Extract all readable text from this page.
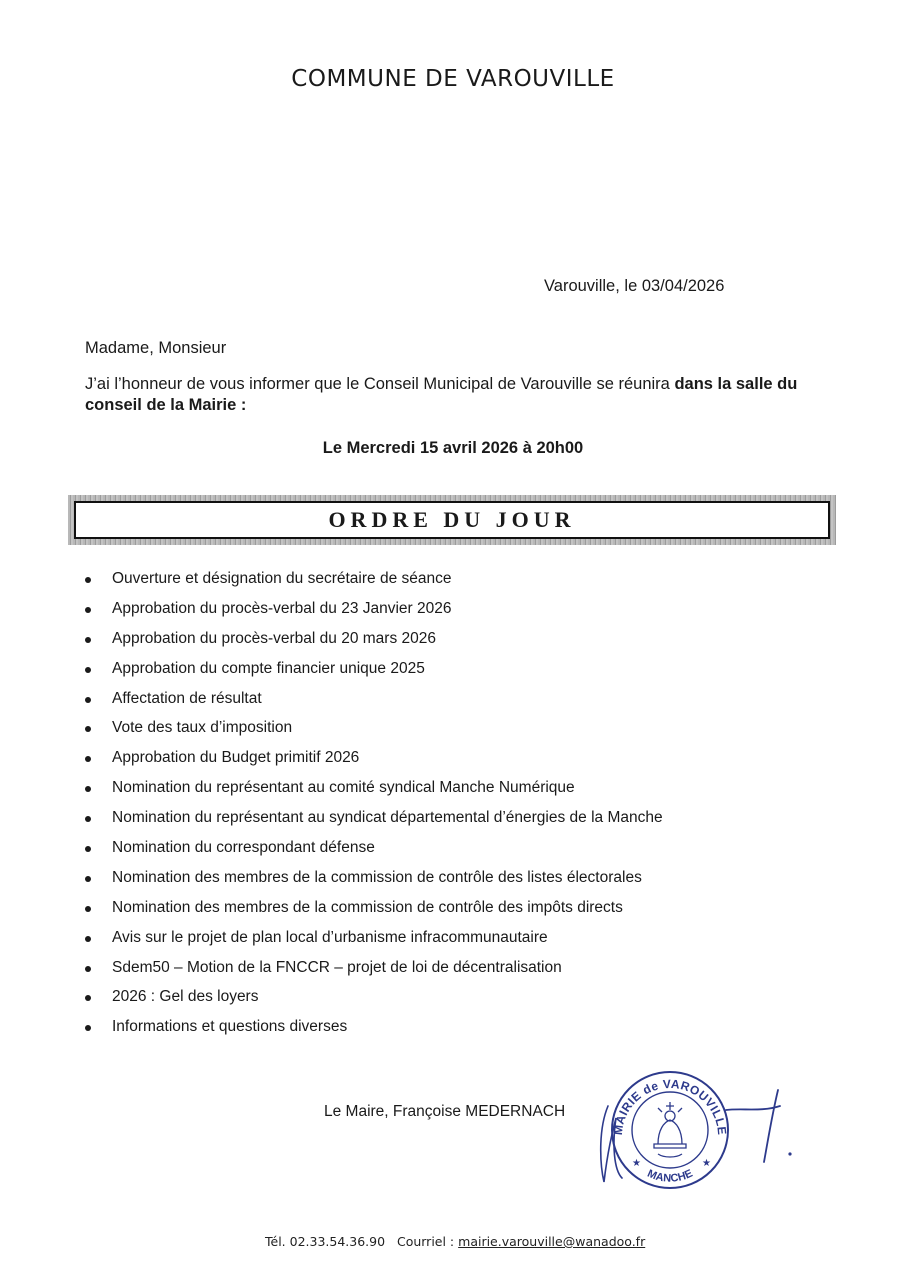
COMMUNE DE VAROUVILLE
Varouville, le 03/04/2026
Madame, Monsieur
J’ai l’honneur de vous informer que le Conseil Municipal de Varouville se réunira dans la salle du conseil de la Mairie :
Le Mercredi 15 avril 2026 à 20h00
ORDRE DU JOUR
Ouverture et désignation du secrétaire de séance
Approbation du procès-verbal du 23 Janvier 2026
Approbation du procès-verbal du 20 mars 2026
Approbation du compte financier unique 2025
Affectation de résultat
Vote des taux d’imposition
Approbation du Budget primitif 2026
Nomination du représentant au comité syndical Manche Numérique
Nomination du représentant au syndicat départemental d’énergies de la Manche
Nomination du correspondant défense
Nomination des membres de la commission de contrôle des listes électorales
Nomination des membres de la commission de contrôle des impôts directs
Avis sur le projet de plan local d’urbanisme infracommunautaire
Sdem50 – Motion de la FNCCR – projet de loi de décentralisation
2026 : Gel des loyers
Informations et questions diverses
Le Maire, Françoise MEDERNACH
MAIRIE de VAROUVILLE
MANCHE
★	★
Tél. 02.33.54.36.90 Courriel : mairie.varouville@wanadoo.fr
